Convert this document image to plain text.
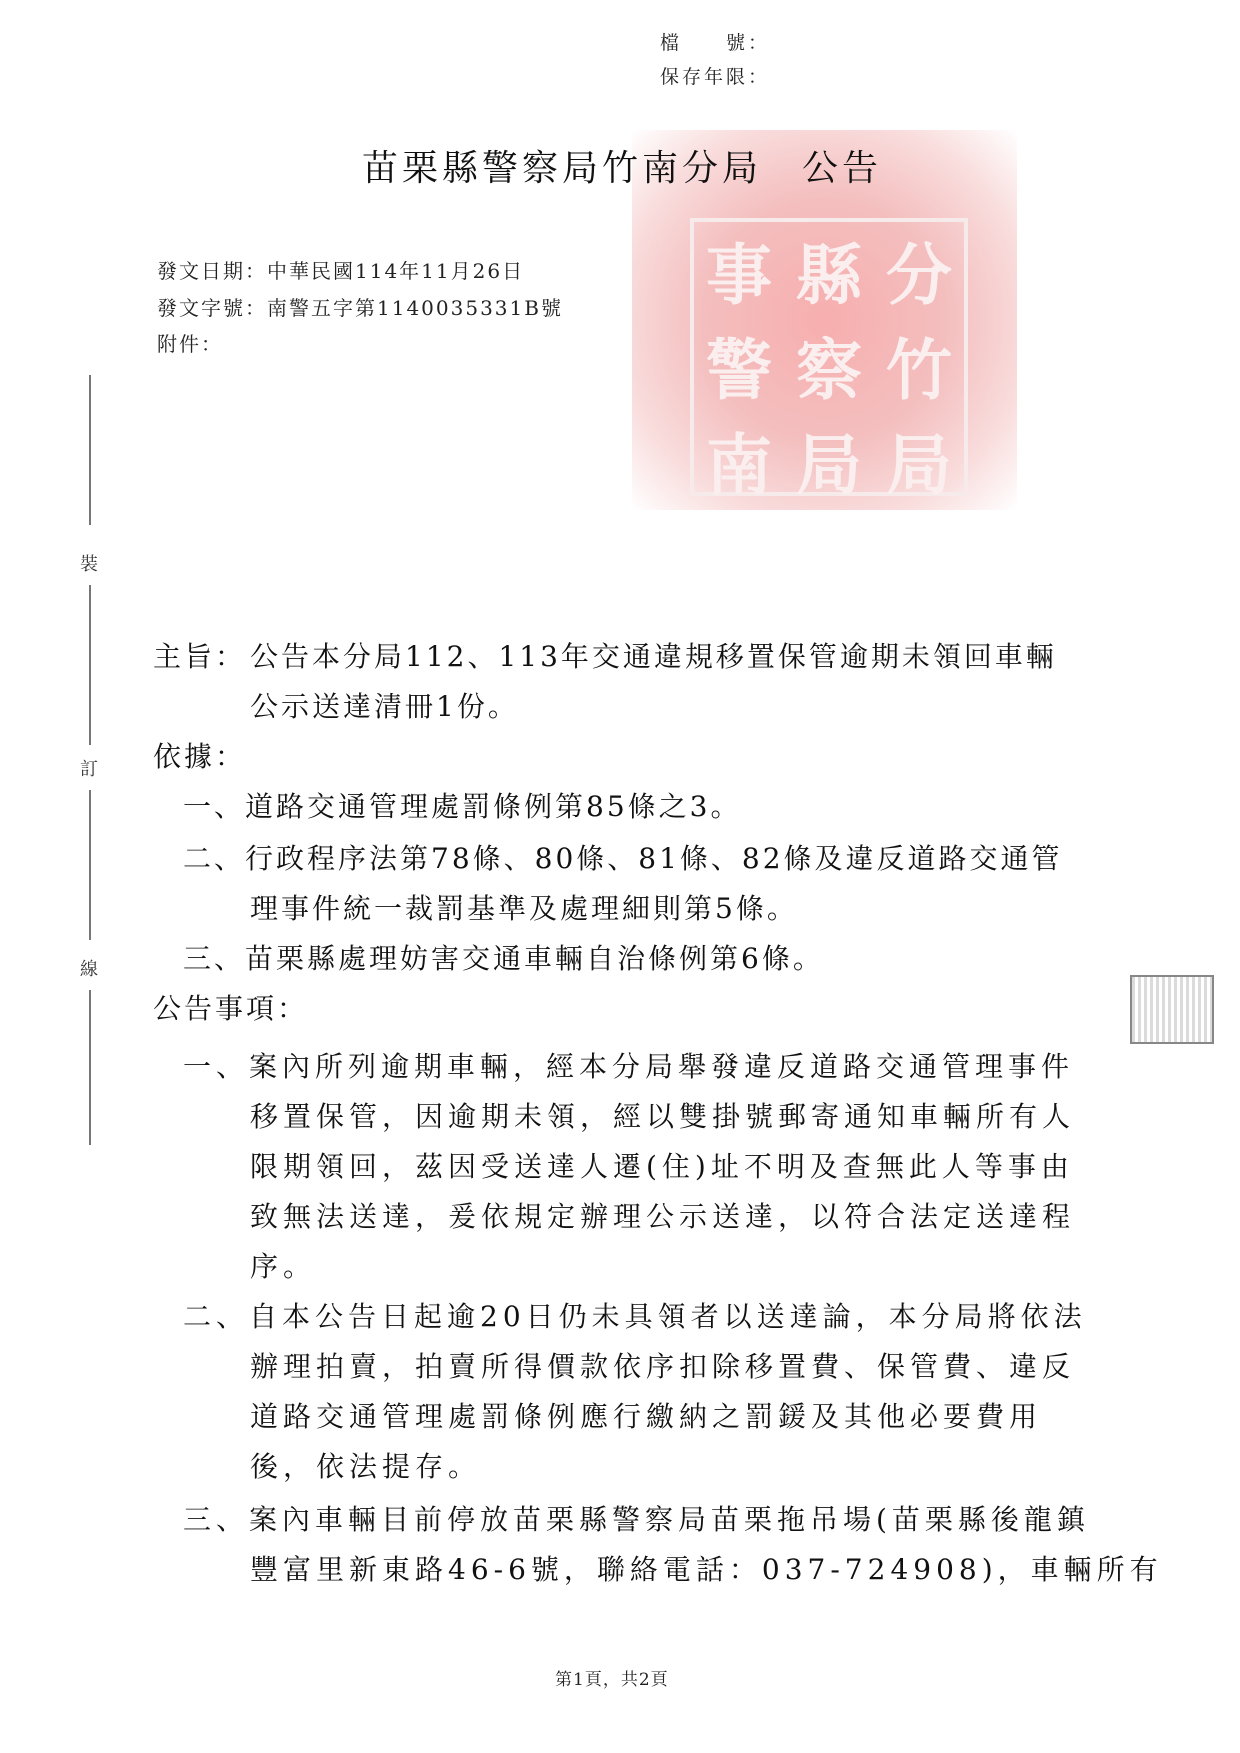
檔　　號：
保存年限：
事 縣 分
警 察 竹
南 局 局
苗栗縣警察局竹南分局　公告
發文日期：中華民國114年11月26日
發文字號：南警五字第1140035331B號
附件：
裝
訂
線
主旨： 公告本分局112、113年交通違規移置保管逾期未領回車輛
公示送達清冊1份。
依據：
一、道路交通管理處罰條例第85條之3。
二、行政程序法第78條、80條、81條、82條及違反道路交通管
理事件統一裁罰基準及處理細則第5條。
三、苗栗縣處理妨害交通車輛自治條例第6條。
公告事項：
一、案內所列逾期車輛，經本分局舉發違反道路交通管理事件
移置保管，因逾期未領，經以雙掛號郵寄通知車輛所有人
限期領回，茲因受送達人遷(住)址不明及查無此人等事由
致無法送達，爰依規定辦理公示送達，以符合法定送達程
序。
二、自本公告日起逾20日仍未具領者以送達論，本分局將依法
辦理拍賣，拍賣所得價款依序扣除移置費、保管費、違反
道路交通管理處罰條例應行繳納之罰鍰及其他必要費用
後，依法提存。
三、案內車輛目前停放苗栗縣警察局苗栗拖吊場(苗栗縣後龍鎮
豐富里新東路46-6號，聯絡電話：037-724908)，車輛所有
第1頁，共2頁
